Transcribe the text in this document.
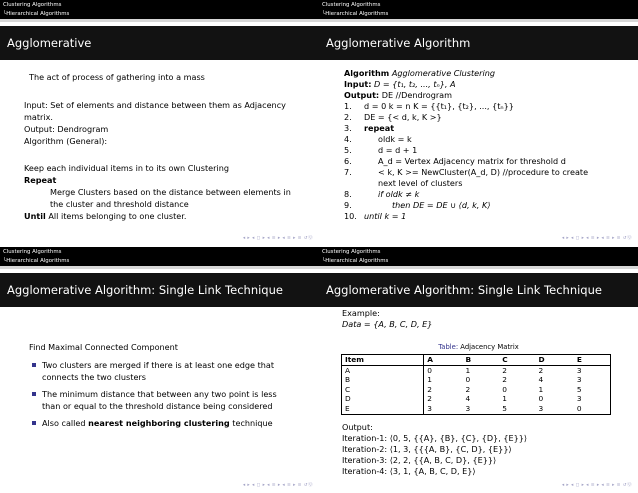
Clustering Algorithms
└Hierarchical Algorithms
Agglomerative
The act of process of gathering into a mass
Input: Set of elements and distance between them as Adjacency
matrix.
Output: Dendrogram
Algorithm (General):
Keep each individual items in to its own Clustering
Repeat
Merge Clusters based on the distance between elements in
the cluster and threshold distance
Until All items belonging to one cluster.
◂ ▸ ◂ ◻ ▸ ◂ ≡ ▸ ◂ ≡ ▸ ≡ ↺Ⓠ
Clustering Algorithms
└Hierarchical Algorithms
Agglomerative Algorithm
Algorithm Agglomerative Clustering
Input: D = {t₁, t₂, ..., tₙ}, A
Output: DE //Dendrogram
1. d = 0 k = n K = {{t₁}, {t₂}, ..., {tₙ}}
2. DE = {< d, k, K >}
3. repeat
4.	oldk = k
5.	d = d + 1
6.	A_d = Vertex Adjacency matrix for threshold d
7.	< k, K >= NewCluster(A_d, D) //procedure to create
next level of clusters
8.	if oldk ≠ k
9.	then DE = DE ∪ ⟨d, k, K⟩
10. until k = 1
◂ ▸ ◂ ◻ ▸ ◂ ≡ ▸ ◂ ≡ ▸ ≡ ↺Ⓠ
Clustering Algorithms
└Hierarchical Algorithms
Agglomerative Algorithm: Single Link Technique
Find Maximal Connected Component
Two clusters are merged if there is at least one edge that
connects the two clusters
The minimum distance that between any two point is less
than or equal to the threshold distance being considered
Also called nearest neighboring clustering technique
◂ ▸ ◂ ◻ ▸ ◂ ≡ ▸ ◂ ≡ ▸ ≡ ↺Ⓠ
Clustering Algorithms
└Hierarchical Algorithms
Agglomerative Algorithm: Single Link Technique
Example:
Data = {A, B, C, D, E}
Table: Adjacency Matrix
Item	A	B	C	D	E
A	0	1	2	2	3
B	1	0	2	4	3
C	2	2	0	1	5
D	2	4	1	0	3
E	3	3	5	3	0
Output:
Iteration-1: ⟨0, 5, {{A}, {B}, {C}, {D}, {E}}⟩
Iteration-2: ⟨1, 3, {{{A, B}, {C, D}, {E}}⟩
Iteration-3: ⟨2, 2, {{A, B, C, D}, {E}}⟩
Iteration-4: ⟨3, 1, {A, B, C, D, E}⟩
◂ ▸ ◂ ◻ ▸ ◂ ≡ ▸ ◂ ≡ ▸ ≡ ↺Ⓠ
